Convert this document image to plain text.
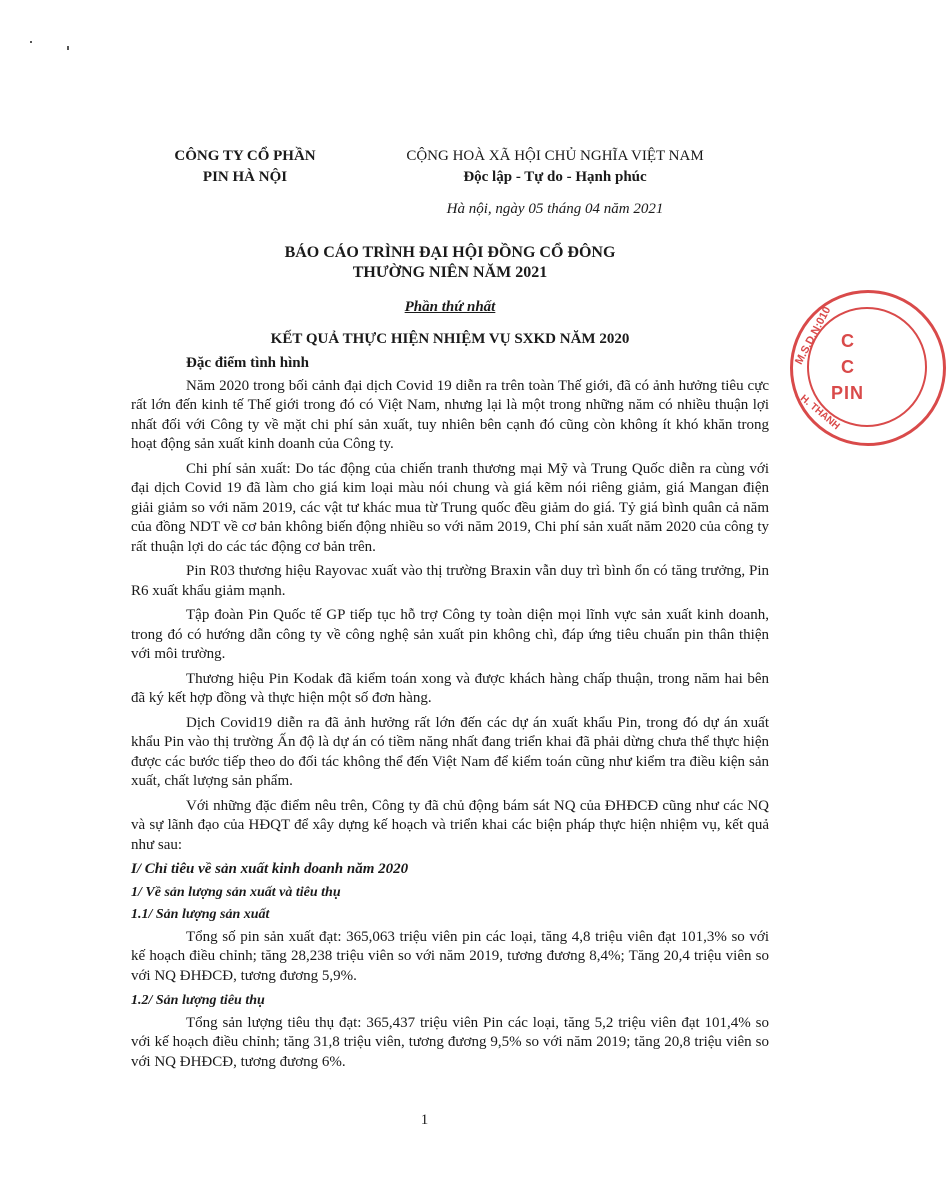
CÔNG TY CỔ PHẦN
PIN HÀ NỘI
CỘNG HOÀ XÃ HỘI CHỦ NGHĨA VIỆT NAM
Độc lập - Tự do - Hạnh phúc
Hà nội, ngày 05 tháng 04 năm 2021
BÁO CÁO TRÌNH ĐẠI HỘI ĐỒNG CỔ ĐÔNG
THƯỜNG NIÊN NĂM 2021
Phần thứ nhất
KẾT QUẢ THỰC HIỆN NHIỆM VỤ SXKD NĂM 2020

Đặc điểm tình hình

Năm 2020 trong bối cảnh đại dịch Covid 19 diễn ra trên toàn Thế giới, đã có ảnh hưởng tiêu cực rất lớn đến kinh tế Thế giới trong đó có Việt Nam, nhưng lại là một trong những năm có nhiều thuận lợi nhất đối với Công ty về mặt chi phí sản xuất, tuy nhiên bên cạnh đó cũng còn không ít khó khăn trong hoạt động sản xuất kinh doanh của Công ty.

Chi phí sản xuất: Do tác động của chiến tranh thương mại Mỹ và Trung Quốc diễn ra cùng với đại dịch Covid 19 đã làm cho giá kim loại màu nói chung và giá kẽm nói riêng giảm, giá Mangan điện giải giảm so với năm 2019, các vật tư khác mua từ Trung quốc đều giảm do giá. Tỷ giá bình quân cả năm của đồng NDT về cơ bản không biến động nhiều so với năm 2019, Chi phí sản xuất năm 2020 của công ty rất thuận lợi do các tác động cơ bản trên.

Pin R03 thương hiệu Rayovac xuất vào thị trường Braxin vẫn duy trì bình ổn có tăng trưởng, Pin R6 xuất khẩu giảm mạnh.

Tập đoàn Pin Quốc tế GP tiếp tục hỗ trợ Công ty toàn diện mọi lĩnh vực sản xuất kinh doanh, trong đó có hướng dẫn công ty về công nghệ sản xuất pin không chì, đáp ứng tiêu chuẩn pin thân thiện với môi trường.

Thương hiệu Pin Kodak đã kiểm toán xong và được khách hàng chấp thuận, trong năm hai bên đã ký kết hợp đồng và thực hiện một số đơn hàng.

Dịch Covid19 diễn ra đã ảnh hưởng rất lớn đến các dự án xuất khẩu Pin, trong đó dự án xuất khẩu Pin vào thị trường Ấn độ là dự án có tiềm năng nhất đang triển khai đã phải dừng chưa thể thực hiện được các bước tiếp theo do đối tác không thể đến Việt Nam để kiểm toán cũng như kiểm tra điều kiện sản xuất, chất lượng sản phẩm.

Với những đặc điểm nêu trên, Công ty đã chủ động bám sát NQ của ĐHĐCĐ cũng như các NQ và sự lãnh đạo của HĐQT để xây dựng kế hoạch và triển khai các biện pháp thực hiện nhiệm vụ, kết quả như sau:

I/ Chỉ tiêu về sản xuất kinh doanh năm 2020

1/ Về sản lượng sản xuất và tiêu thụ

1.1/ Sản lượng sản xuất

Tổng số pin sản xuất đạt: 365,063 triệu viên pin các loại, tăng 4,8 triệu viên đạt 101,3% so với kế hoạch điều chỉnh; tăng 28,238 triệu viên so với năm 2019, tương đương 8,4%; Tăng 20,4 triệu viên so với NQ ĐHĐCĐ, tương đương 5,9%.

1.2/ Sản lượng tiêu thụ

Tổng sản lượng tiêu thụ đạt: 365,437 triệu viên Pin các loại, tăng 5,2 triệu viên đạt 101,4% so với kế hoạch điều chỉnh; tăng 31,8 triệu viên, tương đương 9,5% so với năm 2019; tăng 20,8 triệu viên so với NQ ĐHĐCĐ, tương đương 6%.

M.S.D.N:010 C
C
PIN
H. THANH
1
